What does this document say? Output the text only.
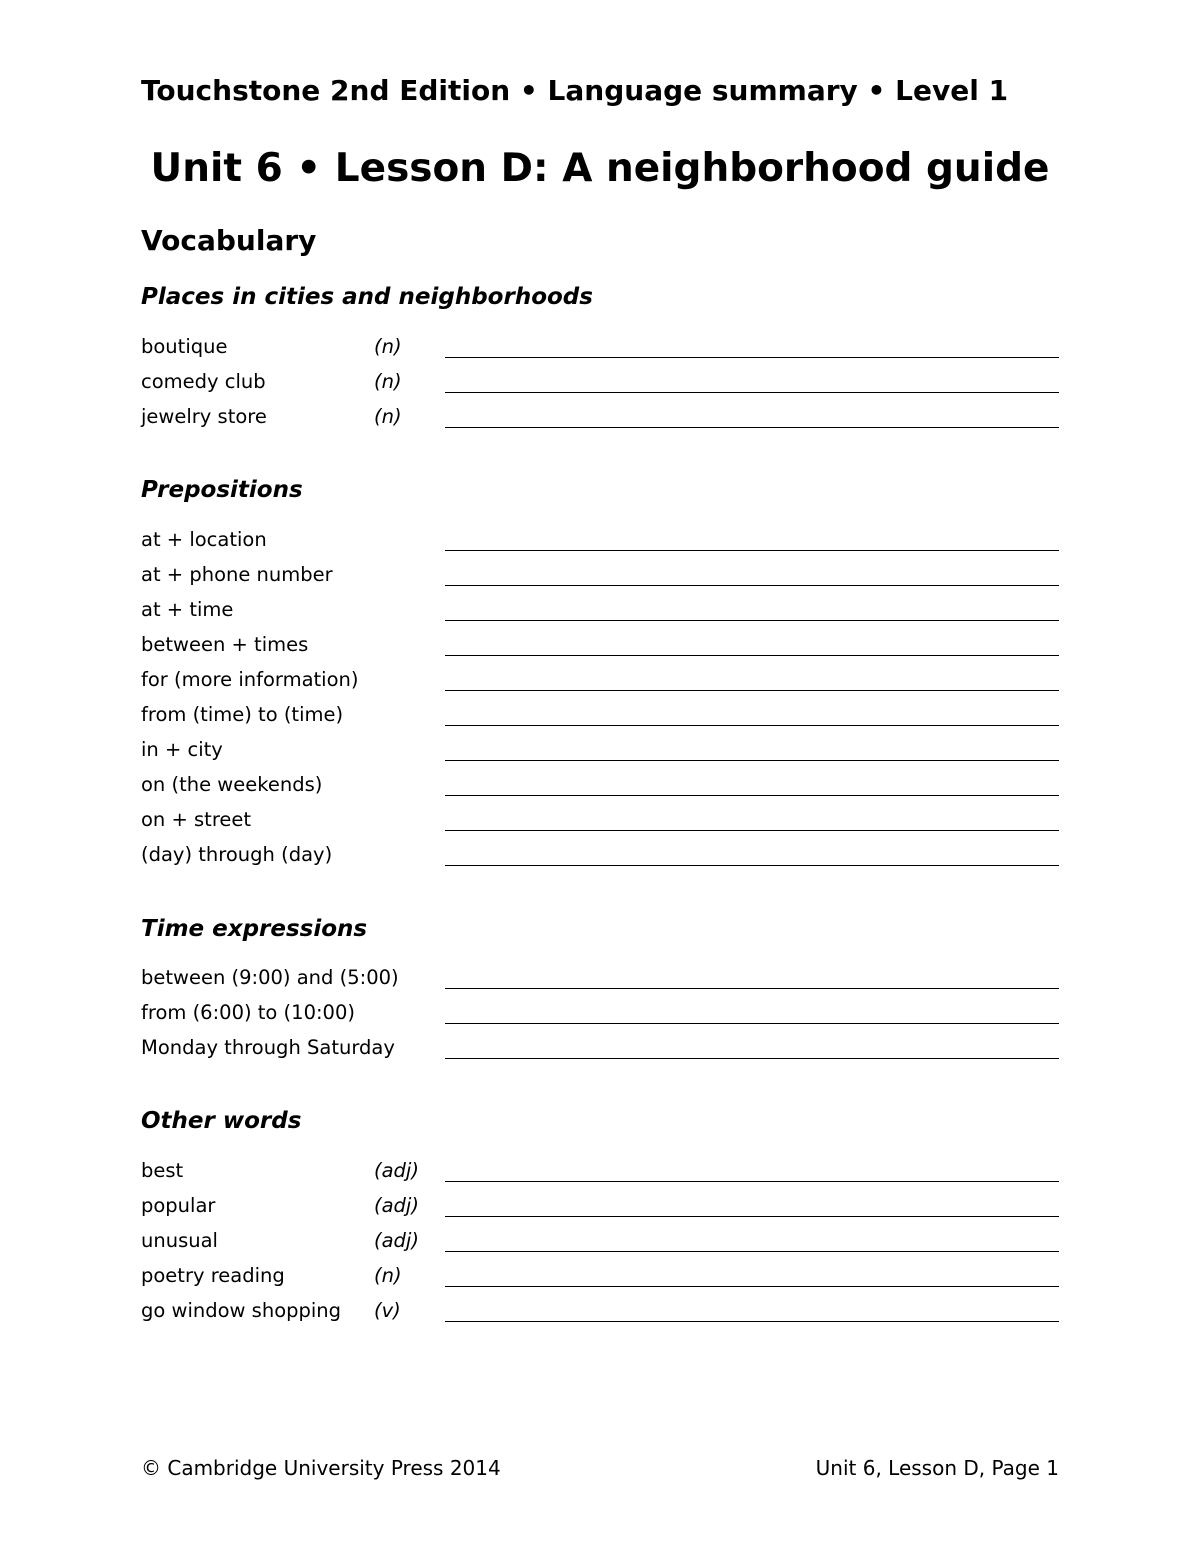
Touchstone 2nd Edition • Language summary • Level 1
Unit 6 • Lesson D: A neighborhood guide
Vocabulary
Places in cities and neighborhoods
boutique	(n)
comedy club	(n)
jewelry store	(n)
Prepositions
at + location
at + phone number
at + time
between + times
for (more information)
from (time) to (time)
in + city
on (the weekends)
on + street
(day) through (day)
Time expressions
between (9:00) and (5:00)
from (6:00) to (10:00)
Monday through Saturday
Other words
best	(adj)
popular	(adj)
unusual	(adj)
poetry reading	(n)
go window shopping (v)
© Cambridge University Press 2014	Unit 6, Lesson D, Page 1
